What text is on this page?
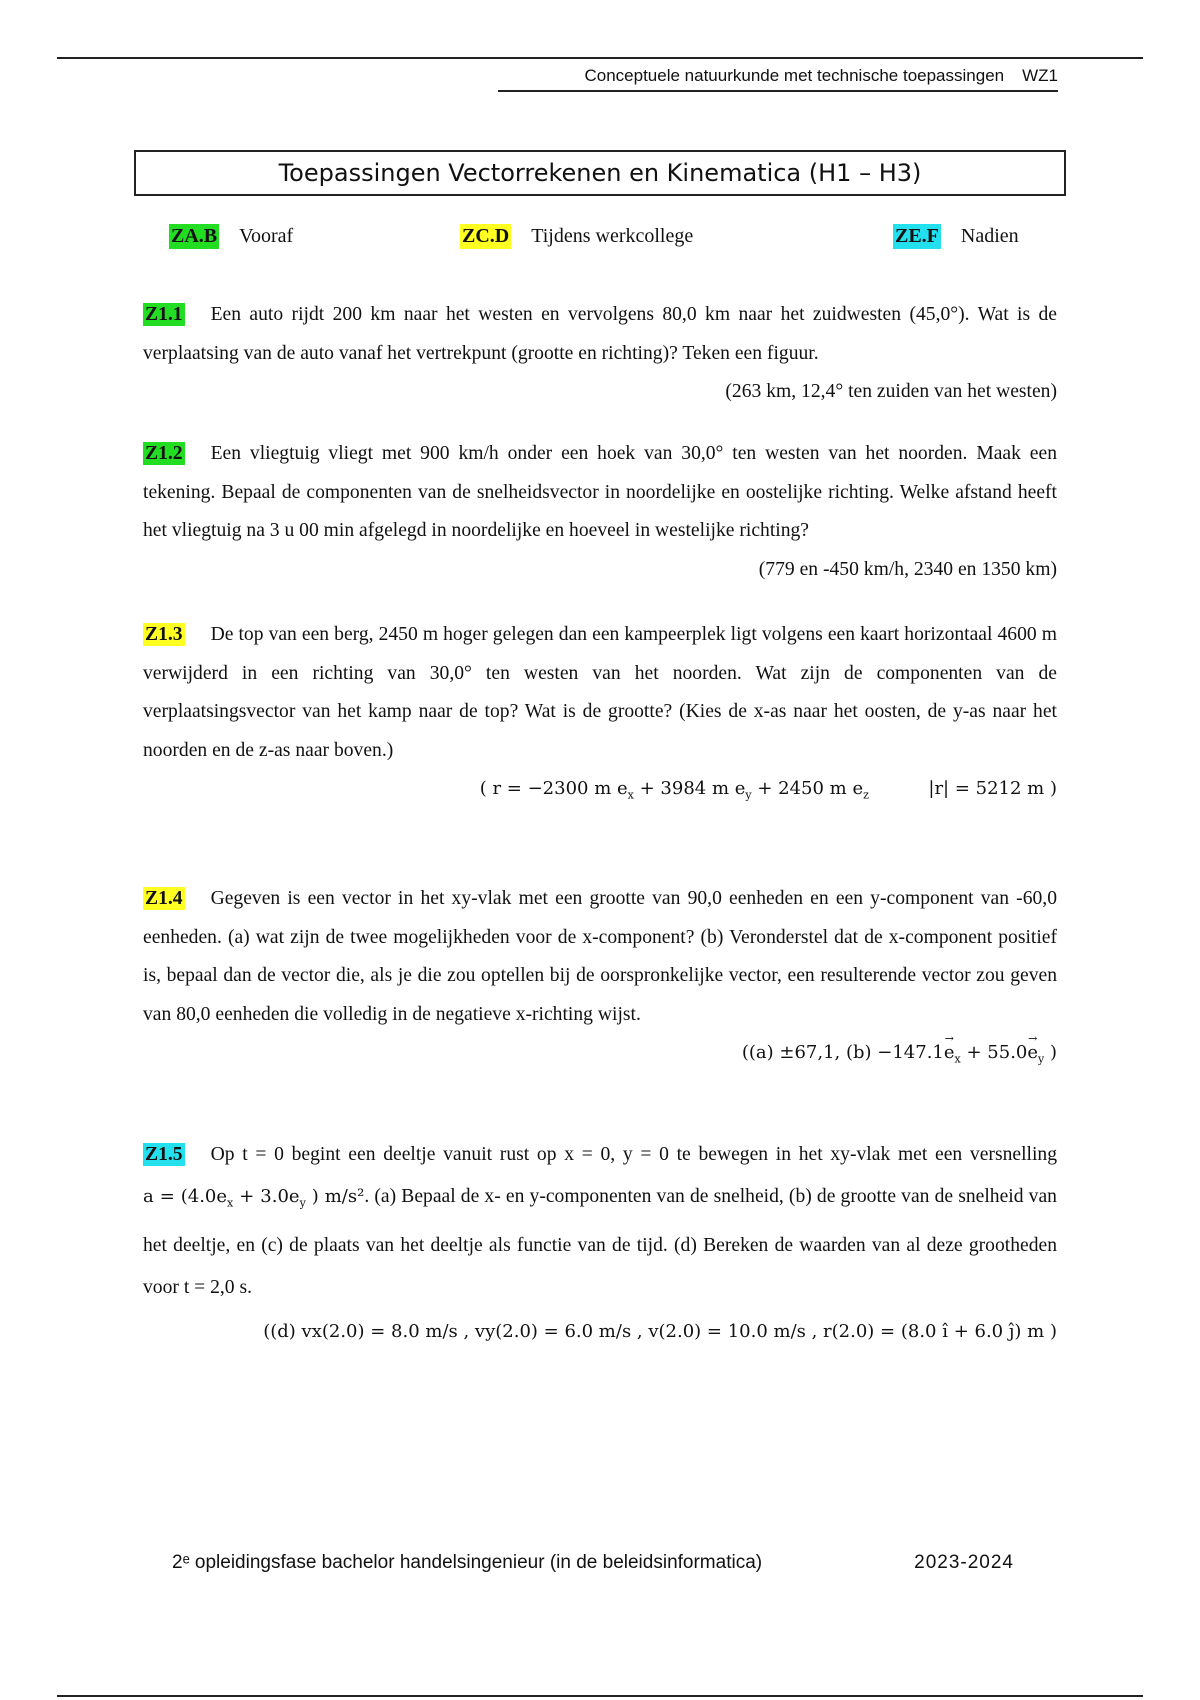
Conceptuele natuurkunde met technische toepassingen WZ1
Toepassingen Vectorrekenen en Kinematica (H1 – H3)
ZA.B Vooraf	ZC.D Tijdens werkcollege	ZE.F Nadien
Z1.1 Een auto rijdt 200 km naar het westen en vervolgens 80,0 km naar het zuidwesten (45,0°). Wat is de verplaatsing van de auto vanaf het vertrekpunt (grootte en richting)? Teken een figuur.
(263 km, 12,4° ten zuiden van het westen)
Z1.2 Een vliegtuig vliegt met 900 km/h onder een hoek van 30,0° ten westen van het noorden. Maak een tekening. Bepaal de componenten van de snelheidsvector in noordelijke en oostelijke richting. Welke afstand heeft het vliegtuig na 3 u 00 min afgelegd in noordelijke en hoeveel in westelijke richting?
(779 en -450 km/h, 2340 en 1350 km)
Z1.3 De top van een berg, 2450 m hoger gelegen dan een kampeerplek ligt volgens een kaart horizontaal 4600 m verwijderd in een richting van 30,0° ten westen van het noorden. Wat zijn de componenten van de verplaatsingsvector van het kamp naar de top? Wat is de grootte? (Kies de x-as naar het oosten, de y-as naar het noorden en de z-as naar boven.)
( r = −2300 m $e_x + 3984$ m $e_y + 2450$ m $e_z$	|r| = 5212 m )
Z1.4 Gegeven is een vector in het xy-vlak met een grootte van 90,0 eenheden en een y-component van -60,0 eenheden. (a) wat zijn de twee mogelijkheden voor de x-component? (b) Veronderstel dat de x-component positief is, bepaal dan de vector die, als je die zou optellen bij de oorspronkelijke vector, een resulterende vector zou geven van 80,0 eenheden die volledig in de negatieve x-richting wijst.
((a) ±67,1, $(b) -147.1\to e_x + 55.0\to e_y$ )
Z1.5 Op t = 0 begint een deeltje vanuit rust op x = 0, y = 0 te bewegen in het xy-vlak met een versnelling $a = (4.0e_x + 3.0e_y$ ) m/s². (a) Bepaal de x- en y-componenten van de snelheid, (b) de grootte van de snelheid van het deeltje, en (c) de plaats van het deeltje als functie van de tijd. (d) Bereken de waarden van al deze grootheden voor t = 2,0 s.
((d) vx(2.0) = 8.0 m/s , vy(2.0) = 6.0 m/s , v(2.0) = 10.0 m/s , r(2.0) = (8.0 î + 6.0 ĵ) m )
2ᵉ opleidingsfase bachelor handelsingenieur (in de beleidsinformatica)	2023-2024
